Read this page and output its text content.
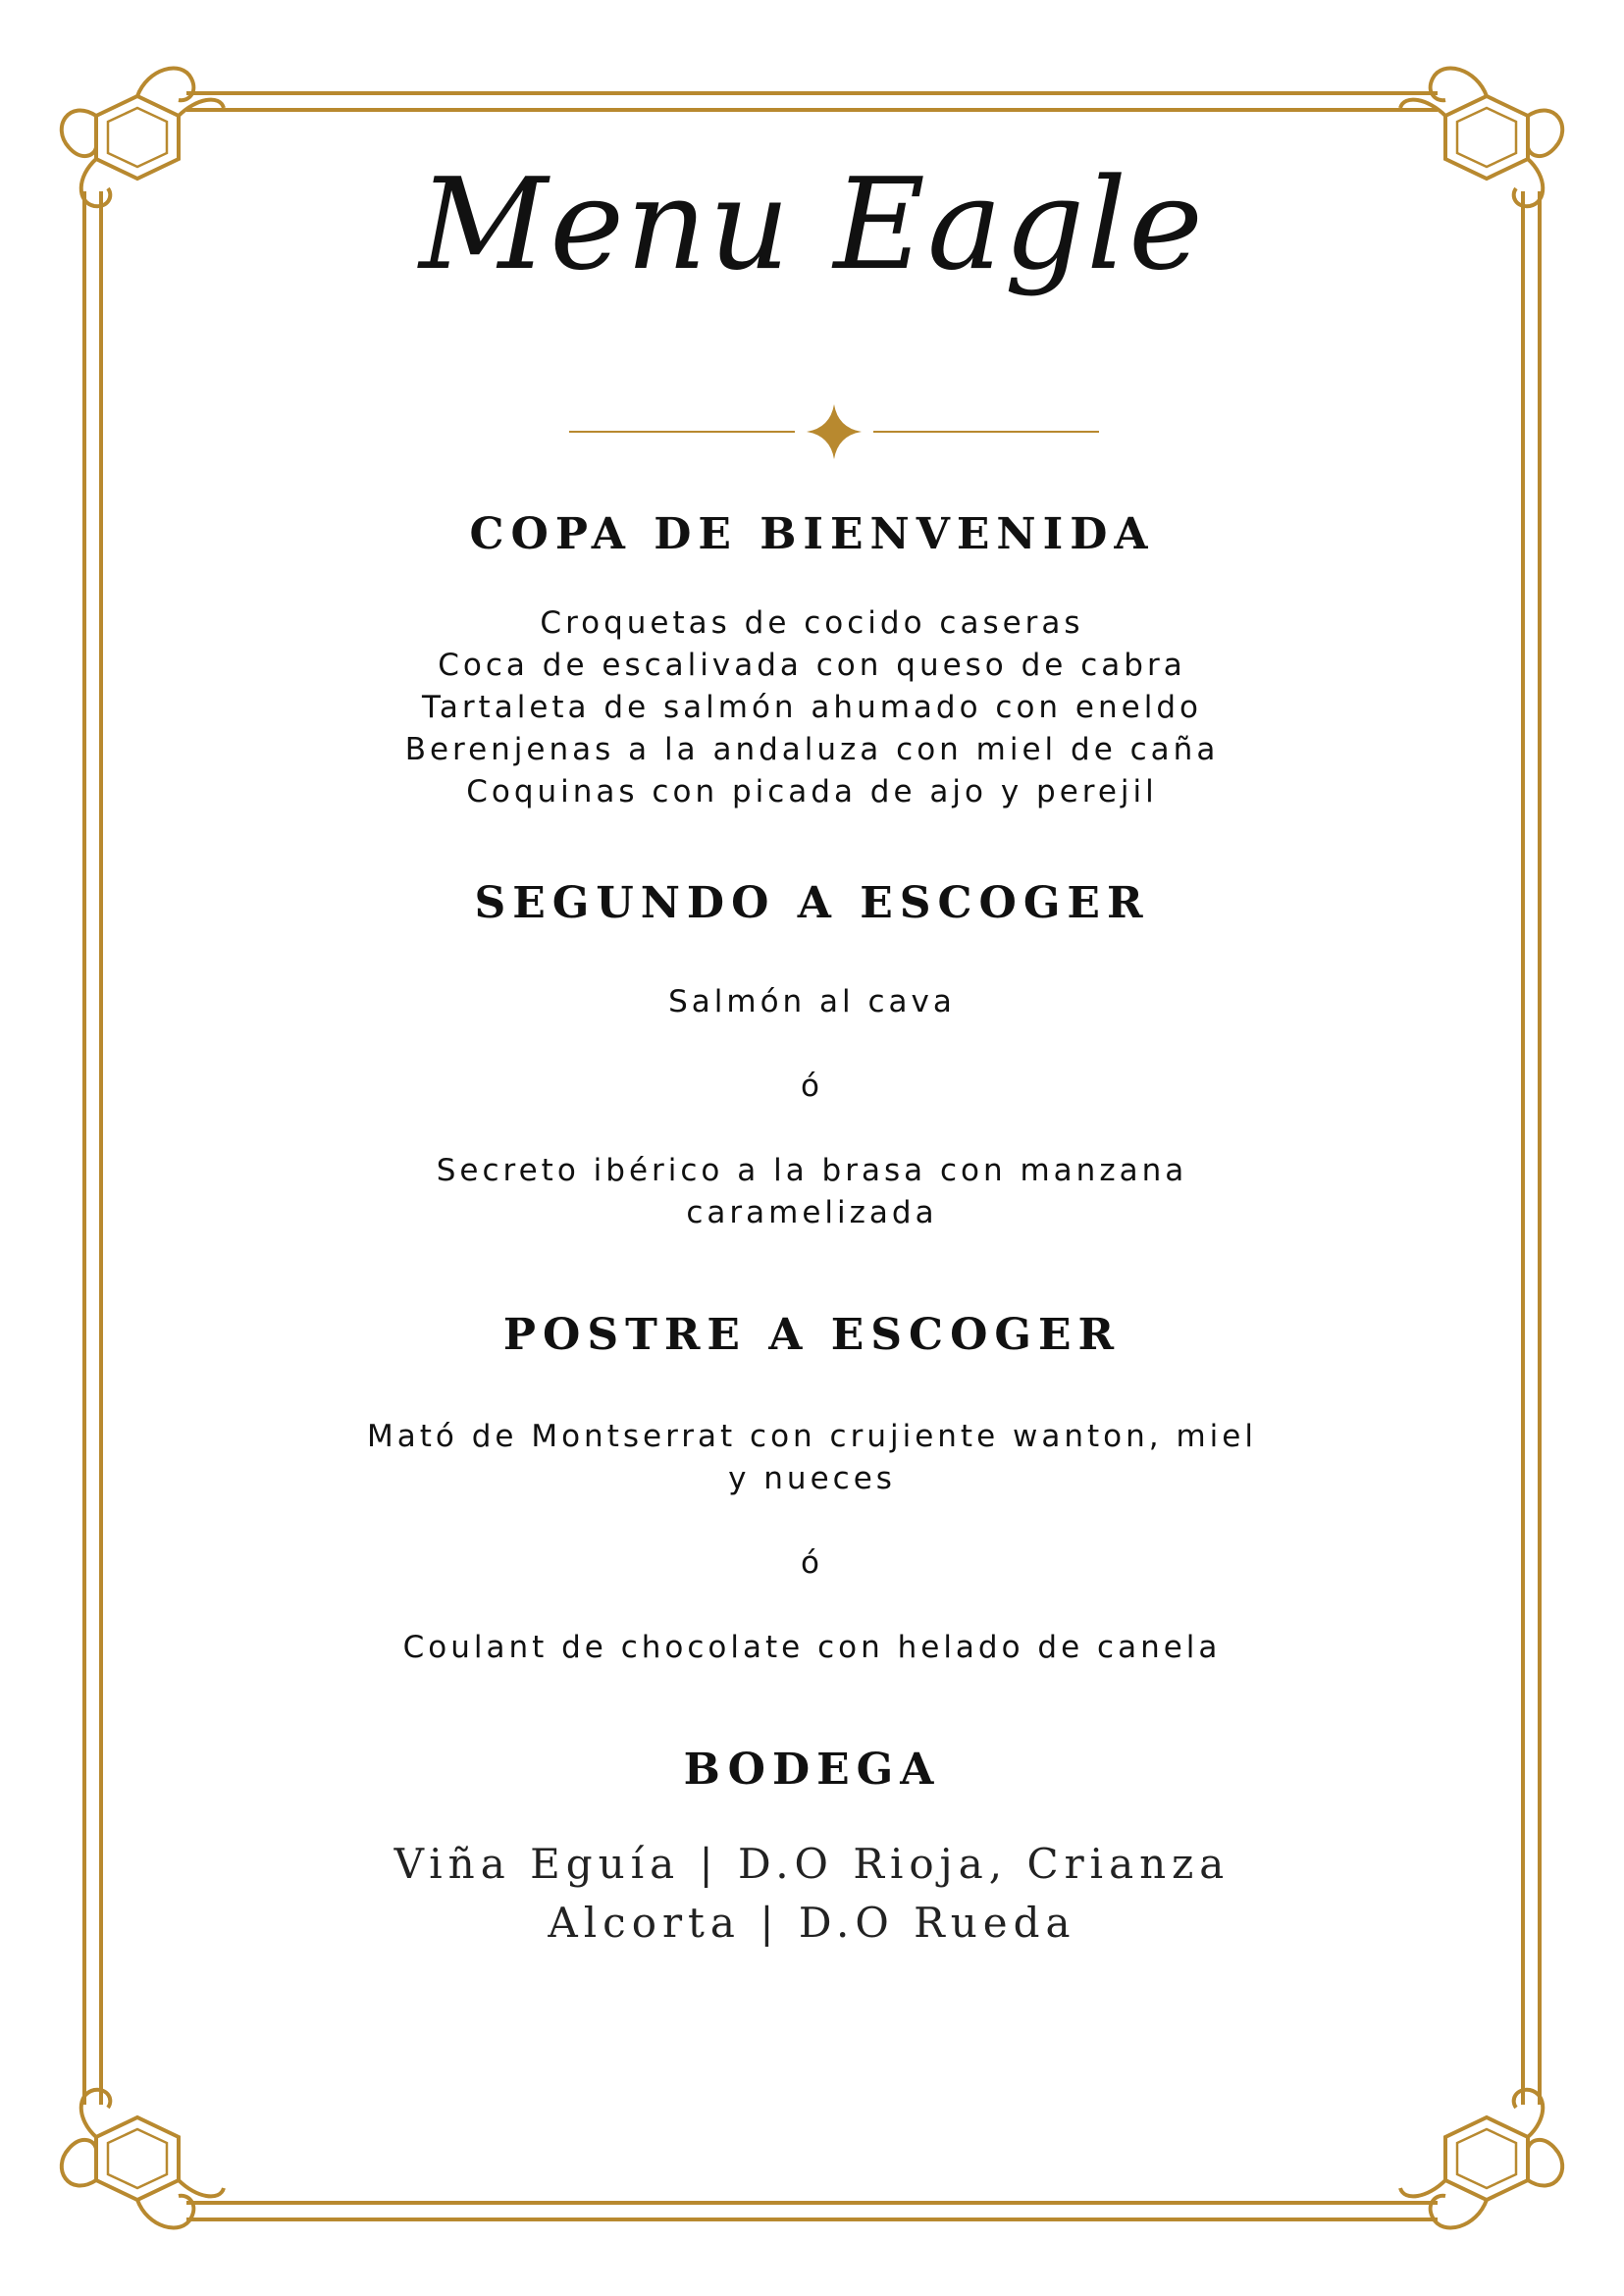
Menu Eagle
COPA DE BIENVENIDA
Croquetas de cocido caseras
Coca de escalivada con queso de cabra
Tartaleta de salmón ahumado con eneldo
Berenjenas a la andaluza con miel de caña
Coquinas con picada de ajo y perejil
SEGUNDO A ESCOGER
Salmón al cava
ó
Secreto ibérico a la brasa con manzana
caramelizada
POSTRE A ESCOGER
Mató de Montserrat con crujiente wanton, miel
y nueces
ó
Coulant de chocolate con helado de canela
BODEGA
Viña Eguía | D.O Rioja, Crianza
Alcorta | D.O Rueda
